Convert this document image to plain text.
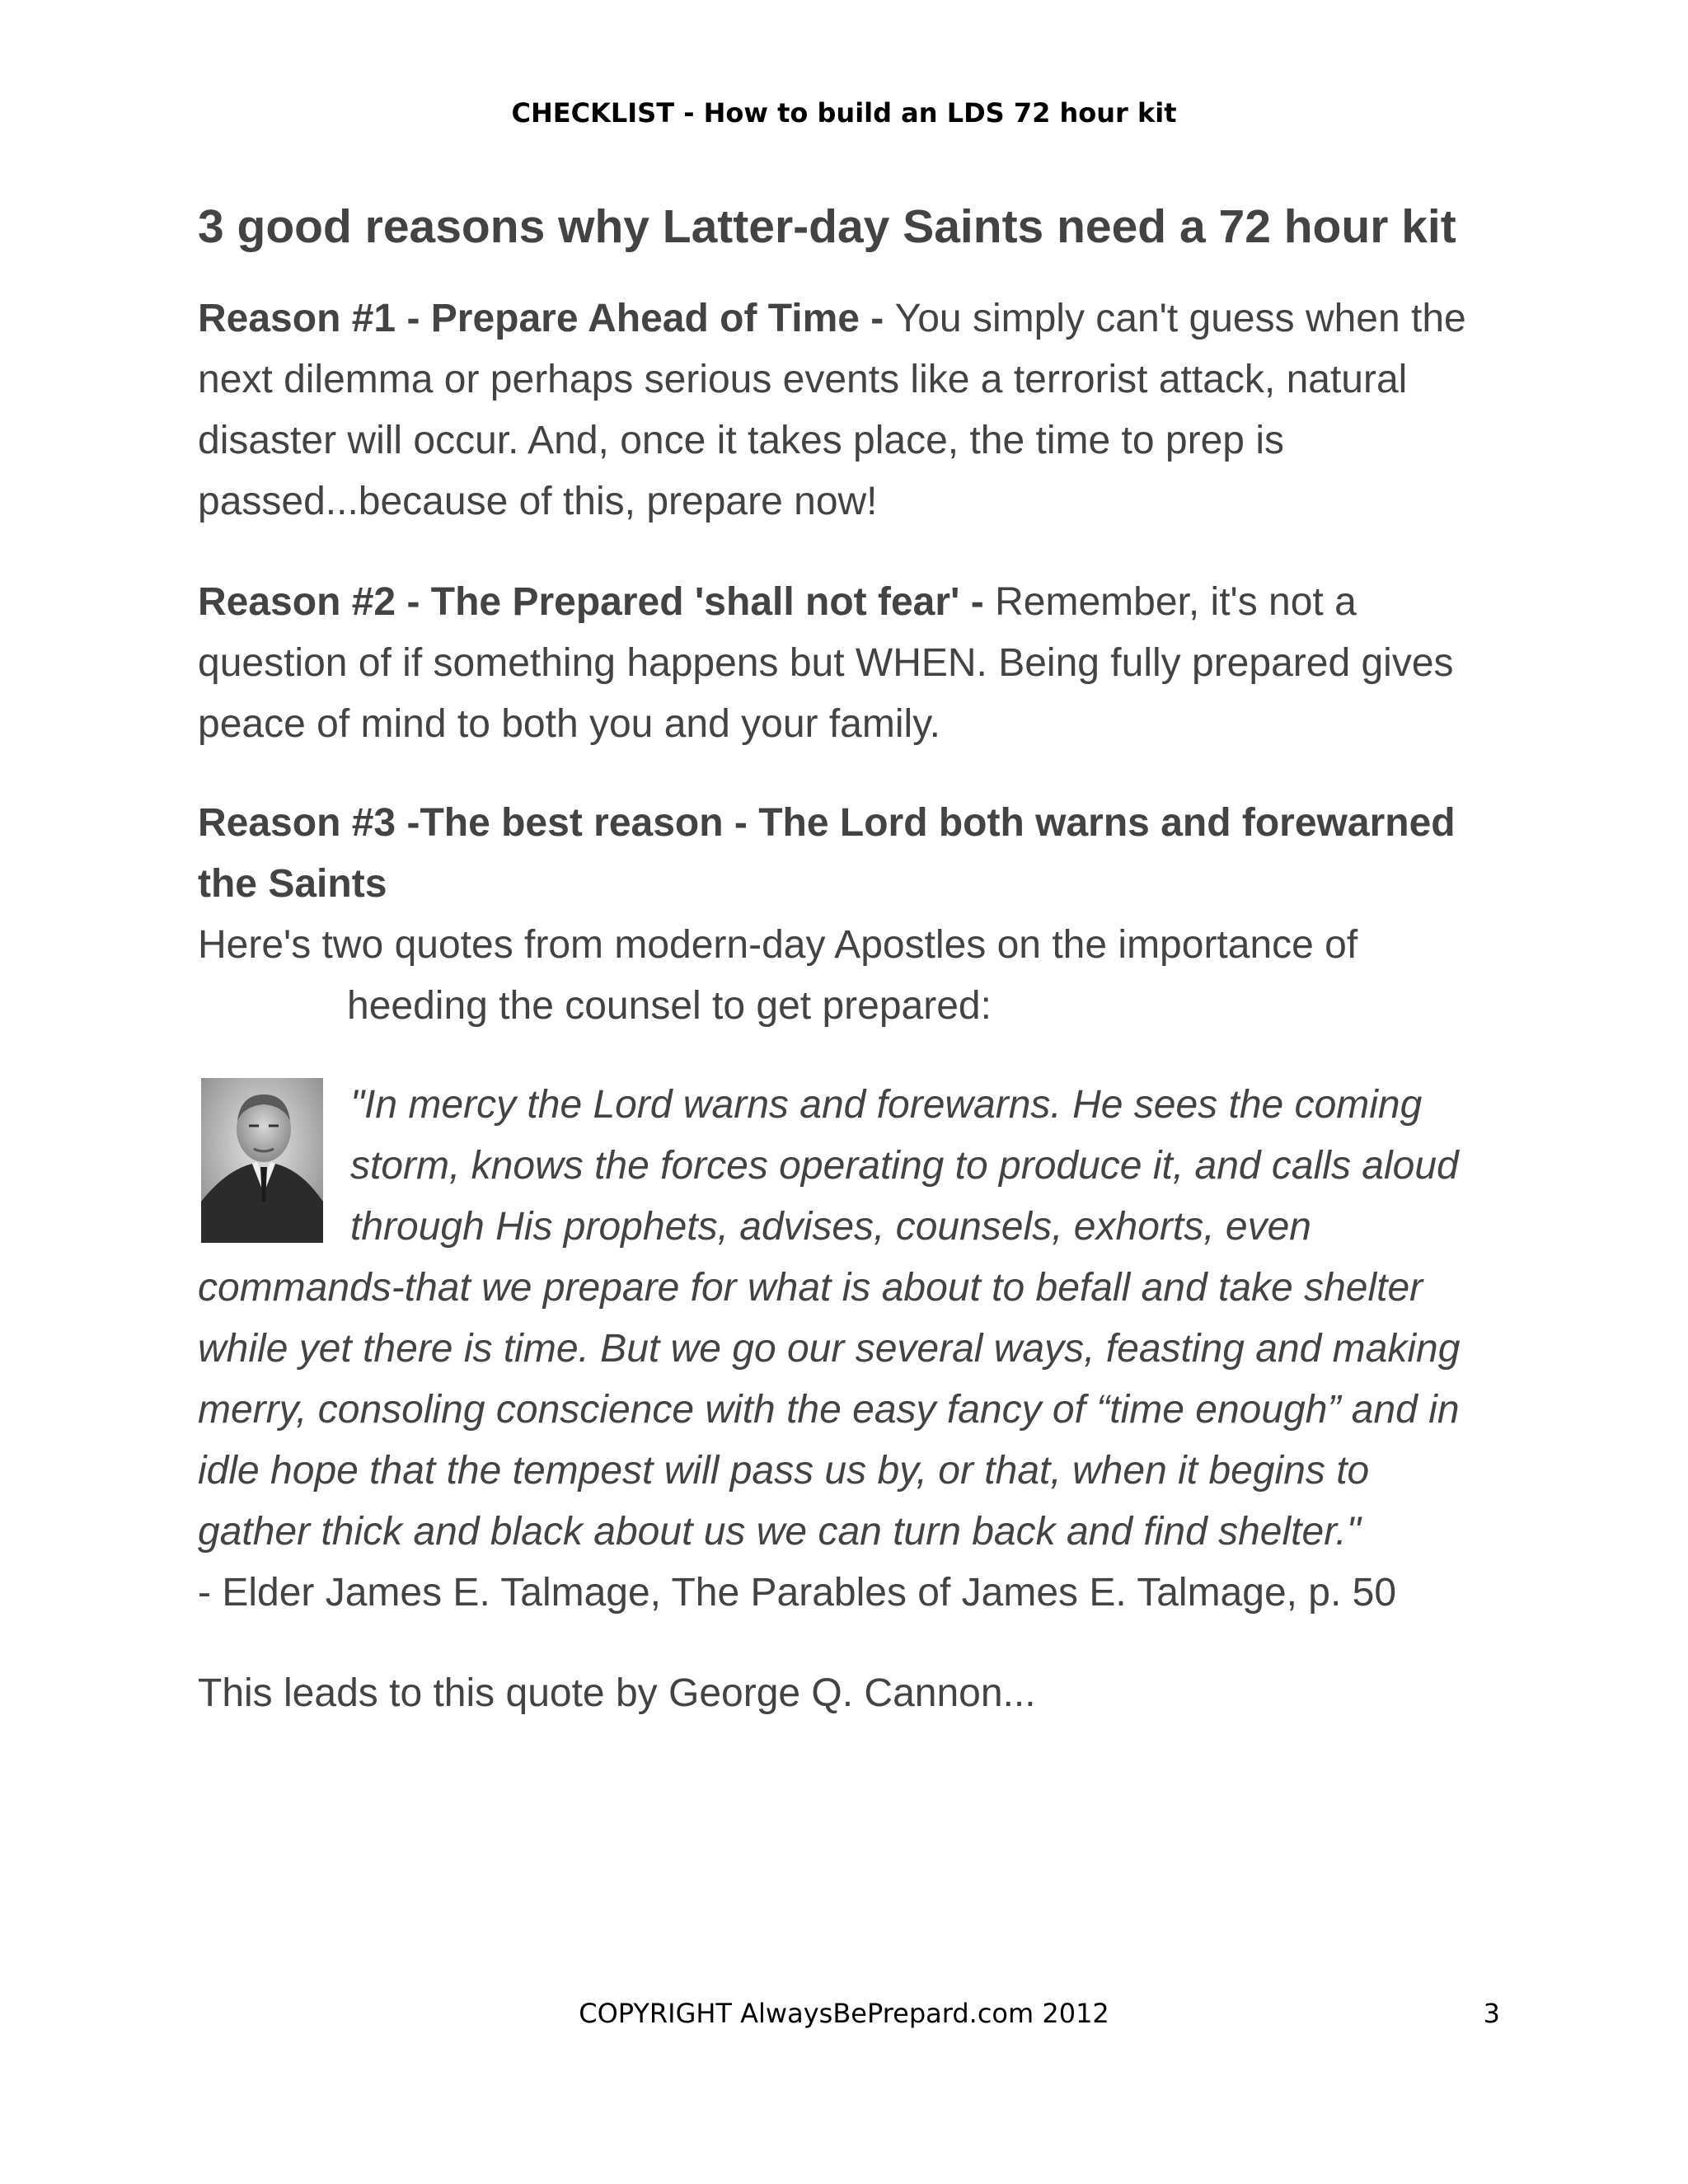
CHECKLIST - How to build an LDS 72 hour kit
3 good reasons why Latter-day Saints need a 72 hour kit

Reason #1 - Prepare Ahead of Time - You simply can't guess when the next dilemma or perhaps serious events like a terrorist attack, natural disaster will occur. And, once it takes place, the time to prep is passed...because of this, prepare now!

Reason #2 - The Prepared 'shall not fear' - Remember, it's not a question of if something happens but WHEN. Being fully prepared gives peace of mind to both you and your family.

Reason #3 -The best reason - The Lord both warns and forewarned the Saints

Here's two quotes from modern-day Apostles on the importance of heeding the counsel to get prepared:

"In mercy the Lord warns and forewarns. He sees the coming storm, knows the forces operating to produce it, and calls aloud through His prophets, advises, counsels, exhorts, even commands-that we prepare for what is about to befall and take shelter while yet there is time. But we go our several ways, feasting and making merry, consoling conscience with the easy fancy of “time enough” and in idle hope that the tempest will pass us by, or that, when it begins to gather thick and black about us we can turn back and find shelter."

- Elder James E. Talmage, The Parables of James E. Talmage, p. 50

This leads to this quote by George Q. Cannon...

COPYRIGHT AlwaysBePrepard.com 2012	3
